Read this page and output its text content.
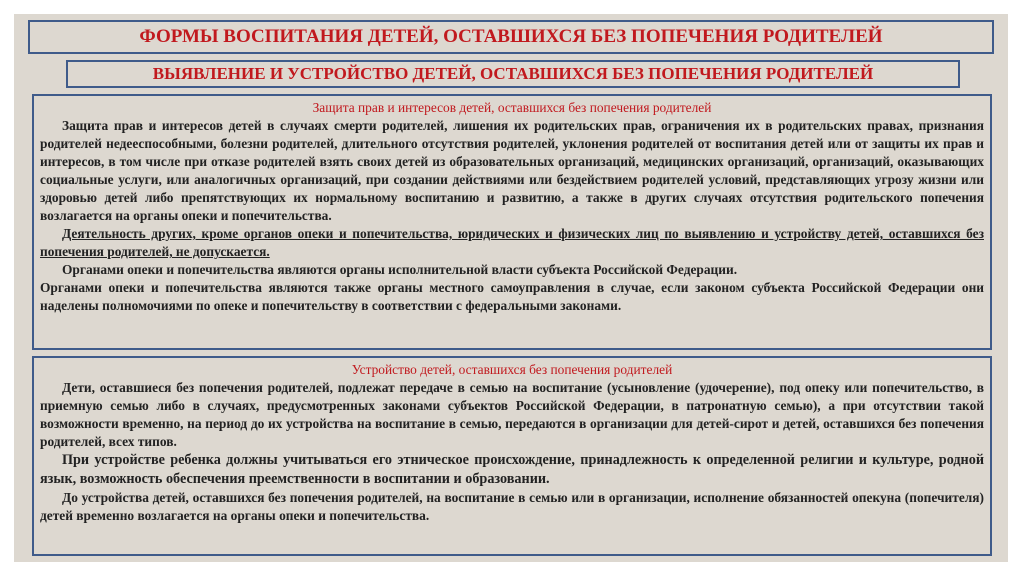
ФОРМЫ ВОСПИТАНИЯ ДЕТЕЙ, ОСТАВШИХСЯ БЕЗ ПОПЕЧЕНИЯ РОДИТЕЛЕЙ
ВЫЯВЛЕНИЕ И УСТРОЙСТВО ДЕТЕЙ, ОСТАВШИХСЯ БЕЗ ПОПЕЧЕНИЯ РОДИТЕЛЕЙ

Защита прав и интересов детей, оставшихся без попечения родителей

Защита прав и интересов детей в случаях смерти родителей, лишения их родительских прав, ограничения их в родительских правах, признания родителей недееспособными, болезни родителей, длительного отсутствия родителей, уклонения родителей от воспитания детей или от защиты их прав и интересов, в том числе при отказе родителей взять своих детей из образовательных организаций, медицинских организаций, организаций, оказывающих социальные услуги, или аналогичных организаций, при создании действиями или бездействием родителей условий, представляющих угрозу жизни или здоровью детей либо препятствующих их нормальному воспитанию и развитию, а также в других случаях отсутствия родительского попечения возлагается на органы опеки и попечительства.

Деятельность других, кроме органов опеки и попечительства, юридических и физических лиц по выявлению и устройству детей, оставшихся без попечения родителей, не допускается.

Органами опеки и попечительства являются органы исполнительной власти субъекта Российской Федерации.

Органами опеки и попечительства являются также органы местного самоуправления в случае, если законом субъекта Российской Федерации они наделены полномочиями по опеке и попечительству в соответствии с федеральными законами.

Устройство детей, оставшихся без попечения родителей

Дети, оставшиеся без попечения родителей, подлежат передаче в семью на воспитание (усыновление (удочерение), под опеку или попечительство, в приемную семью либо в случаях, предусмотренных законами субъектов Российской Федерации, в патронатную семью), а при отсутствии такой возможности временно, на период до их устройства на воспитание в семью, передаются в организации для детей-сирот и детей, оставшихся без попечения родителей, всех типов.

При устройстве ребенка должны учитываться его этническое происхождение, принадлежность к определенной религии и культуре, родной язык, возможность обеспечения преемственности в воспитании и образовании.

До устройства детей, оставшихся без попечения родителей, на воспитание в семью или в организации, исполнение обязанностей опекуна (попечителя) детей временно возлагается на органы опеки и попечительства.
